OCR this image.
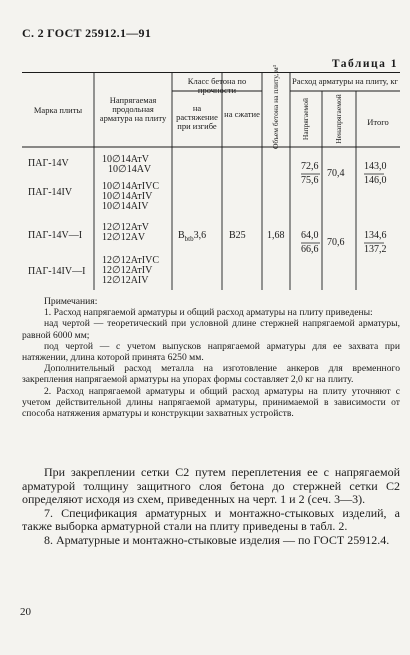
С. 2 ГОСТ 25912.1—91
Таблица 1
Марка плиты
Напрягаемая продольная арматура на плиту
Класс бетона по прочности
на растяжение при изгибе
на сжатие Объем бетона на плиту, м³ Расход арматуры на плиту, кг
Напрягаемой	Ненапрягаемой	Итого
ПАГ-14V
ПАГ-14IV
ПАГ-14V—I
ПАГ-14IV—I
10∅14АтV
10∅14АV
10∅14АтIVC
10∅14АтIV
10∅14АIV
12∅12АтV
12∅12АV
12∅12АтIVC
12∅12АтIV
12∅12АIV
$B_{btb}3,6$ B25 1,68
72,6
75,6
70,4
143,0
146,0
64,0
66,6
70,6
134,6
137,2

Примечания:

1. Расход напрягаемой арматуры и общий расход арматуры на плиту приведены:

над чертой — теоретический при условной длине стержней напрягаемой арматуры, равной 6000 мм;

под чертой — с учетом выпусков напрягаемой арматуры для ее захвата при натяжении, длина которой принята 6250 мм.

Дополнительный расход металла на изготовление анкеров для временного закрепления напрягаемой арматуры на упорах формы составляет 2,0 кг на плиту.

2. Расход напрягаемой арматуры и общий расход арматуры на плиту уточняют с учетом действительной длины напрягаемой арматуры, принимаемой в зависимости от способа натяжения арматуры и конструкции захватных устройств.

При закреплении сетки С2 путем переплетения ее с напрягаемой арматурой толщину защитного слоя бетона до стержней сетки С2 определяют исходя из схем, приведенных на черт. 1 и 2 (сеч. 3—3).

7. Спецификация арматурных и монтажно-стыковых изделий, а также выборка арматурной стали на плиту приведены в табл. 2.

8. Арматурные и монтажно-стыковые изделия — по ГОСТ 25912.4.

20
